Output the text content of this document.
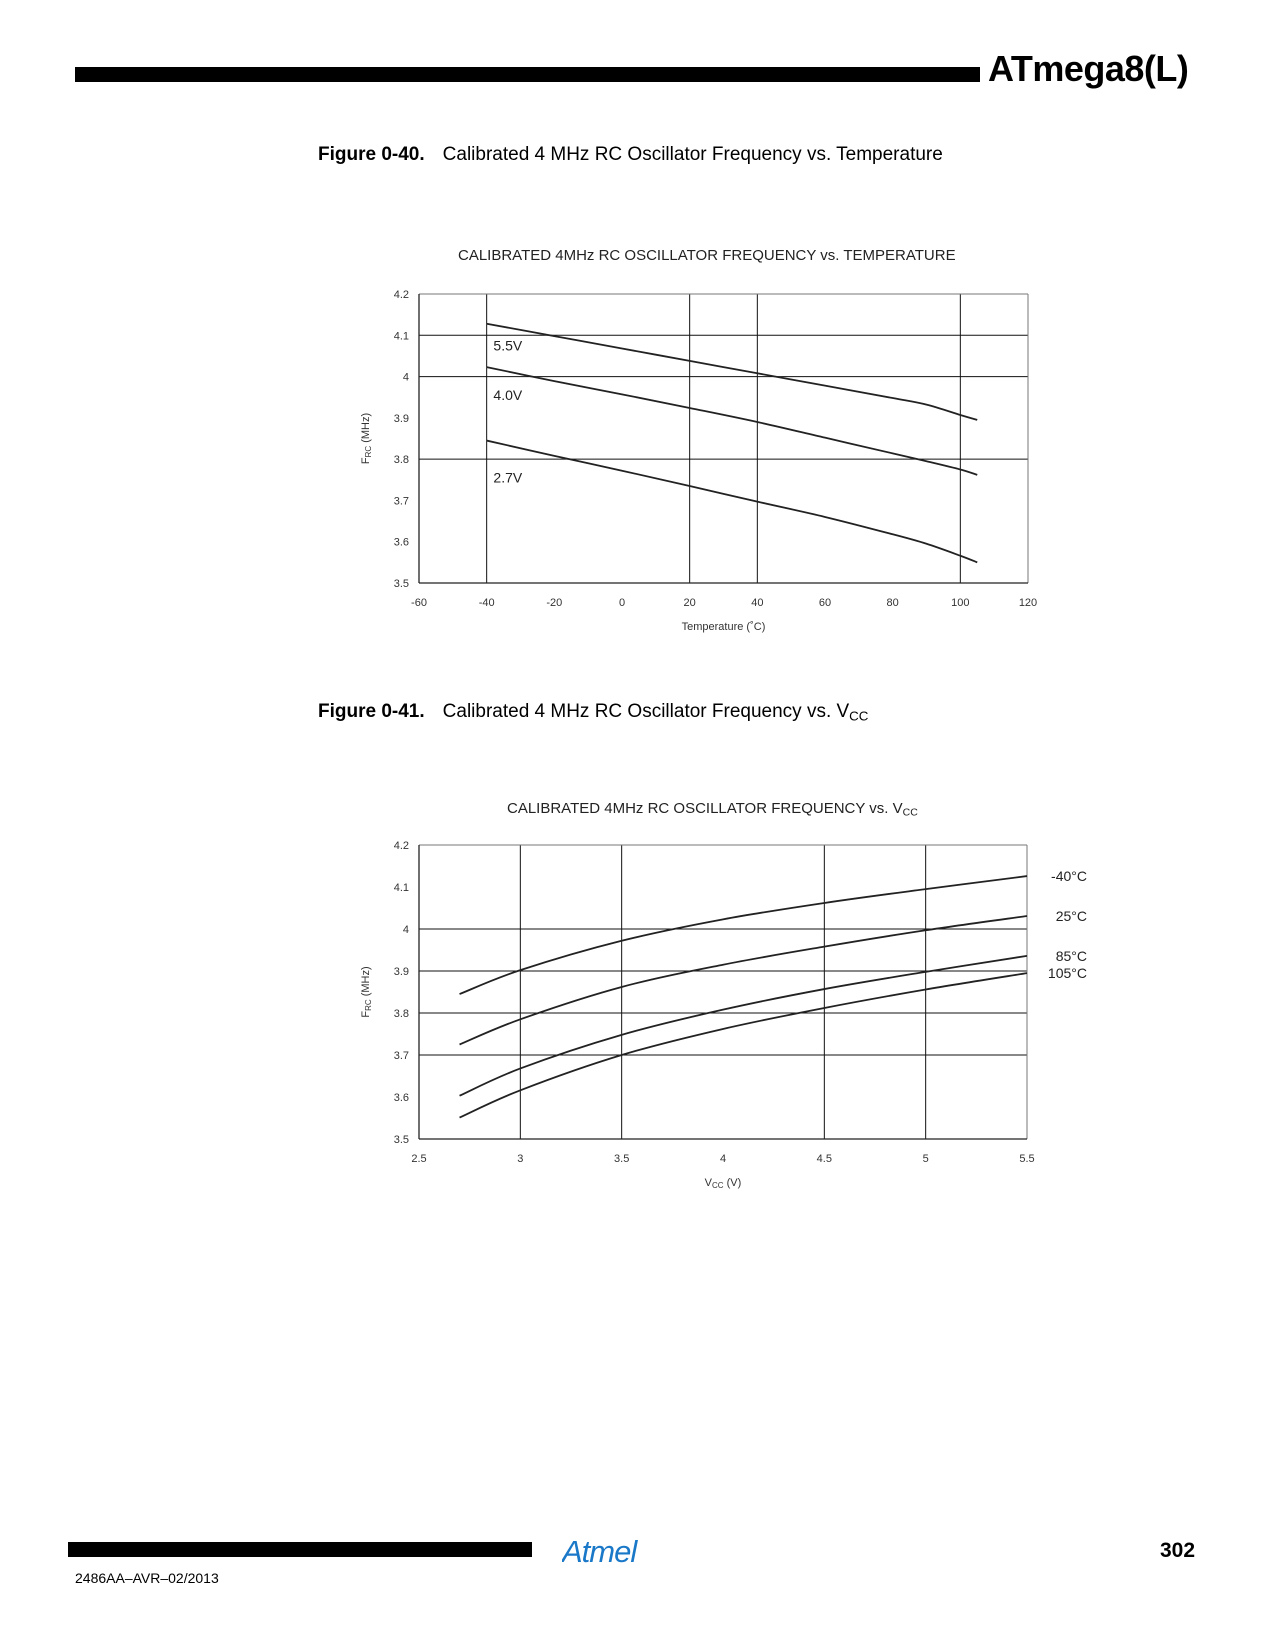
ATmega8(L)
Figure 0-40. Calibrated 4 MHz RC Oscillator Frequency vs. Temperature
CALIBRATED 4MHz RC OSCILLATOR FREQUENCY vs. TEMPERATURE
3.5
3.6
3.7
3.8
3.9
4
4.1
4.2
-60	-40	-20	0	20	40	60	80	100	120
FRC (MHz)
Temperature (˚C)
5.5V
4.0V
2.7V
Figure 0-41. Calibrated 4 MHz RC Oscillator Frequency vs. $V_{CC}$
CALIBRATED 4MHz RC OSCILLATOR FREQUENCY vs. $V_{CC}$
3.5
3.6
3.7
3.8
3.9
4
4.1
4.2
2.5	3	3.5	4	4.5	5	5.5
FRC (MHz)
VCC (V)
-40°C
25°C
85°C
105°C
2486AA–AVR–02/2013
Atmel	302
